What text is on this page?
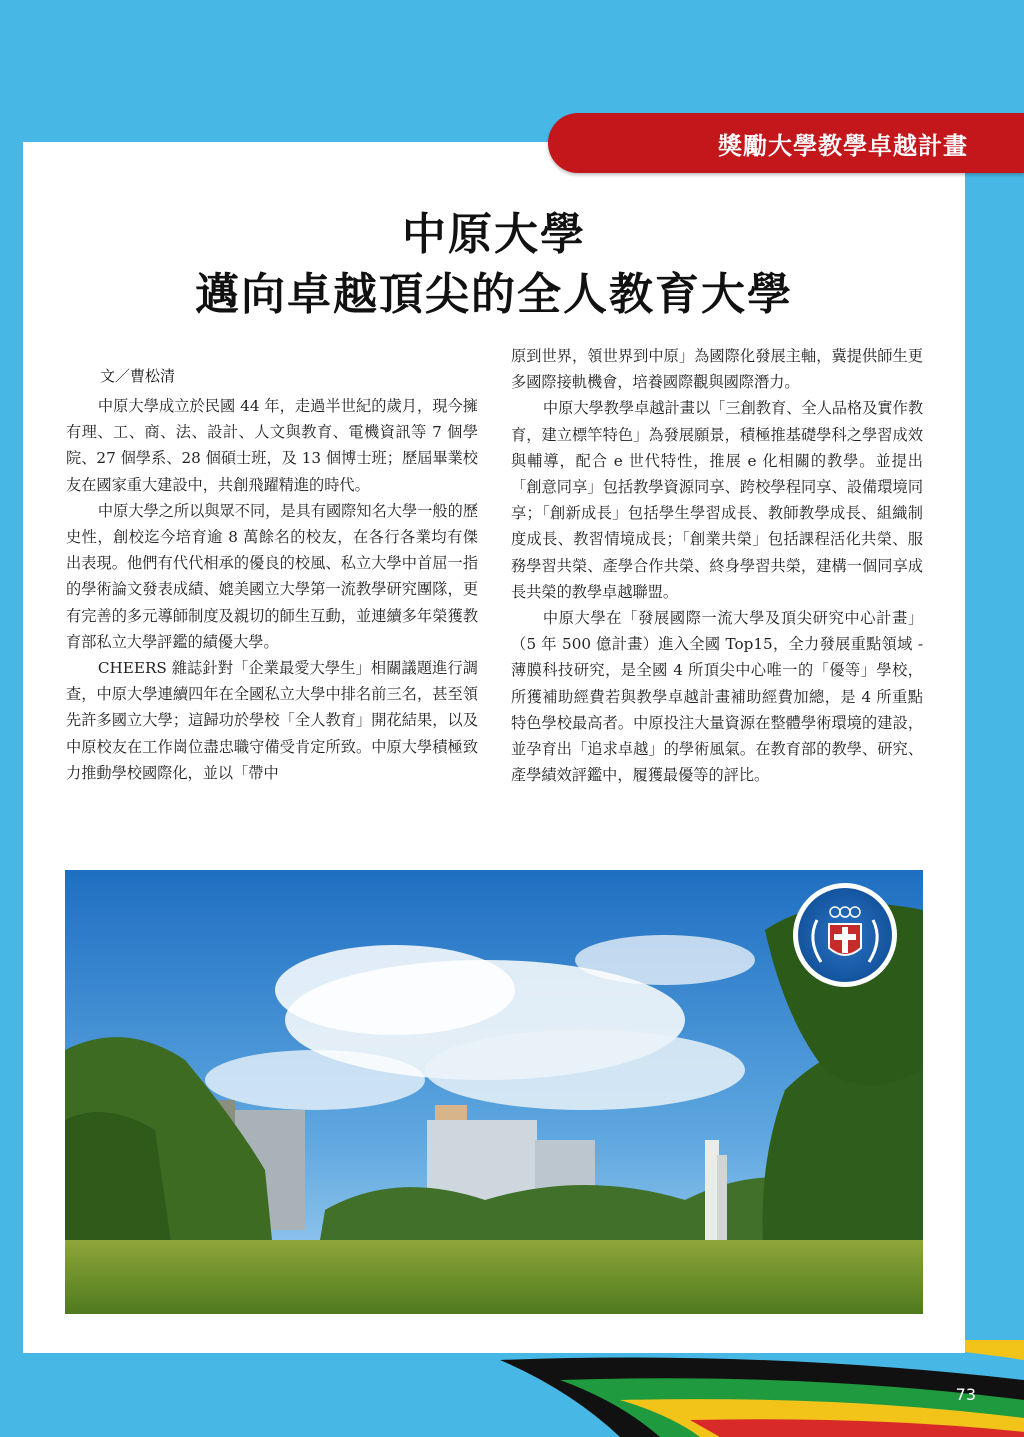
獎勵大學教學卓越計畫
中原大學
邁向卓越頂尖的全人教育大學
文／曹松清

中原大學成立於民國 44 年，走過半世紀的歲月，現今擁有理、工、商、法、設計、人文與教育、電機資訊等 7 個學院、27 個學系、28 個碩士班，及 13 個博士班；歷屆畢業校友在國家重大建設中，共創飛躍精進的時代。

中原大學之所以與眾不同，是具有國際知名大學一般的歷史性，創校迄今培育逾 8 萬餘名的校友，在各行各業均有傑出表現。他們有代代相承的優良的校風、私立大學中首屈一指的學術論文發表成績、媲美國立大學第一流教學研究團隊，更有完善的多元導師制度及親切的師生互動，並連續多年榮獲教育部私立大學評鑑的績優大學。

CHEERS 雜誌針對「企業最愛大學生」相關議題進行調查，中原大學連續四年在全國私立大學中排名前三名，甚至領先許多國立大學；這歸功於學校「全人教育」開花結果，以及中原校友在工作崗位盡忠職守備受肯定所致。中原大學積極致力推動學校國際化，並以「帶中

原到世界，領世界到中原」為國際化發展主軸，冀提供師生更多國際接軌機會，培養國際觀與國際潛力。

中原大學教學卓越計畫以「三創教育、全人品格及實作教育，建立標竿特色」為發展願景，積極推基礎學科之學習成效與輔導，配合 e 世代特性，推展 e 化相關的教學。並提出「創意同享」包括教學資源同享、跨校學程同享、設備環境同享；「創新成長」包括學生學習成長、教師教學成長、組織制度成長、教習情境成長；「創業共榮」包括課程活化共榮、服務學習共榮、產學合作共榮、終身學習共榮，建構一個同享成長共榮的教學卓越聯盟。

中原大學在「發展國際一流大學及頂尖研究中心計畫」（5 年 500 億計畫）進入全國 Top15，全力發展重點領域 - 薄膜科技研究，是全國 4 所頂尖中心唯一的「優等」學校，所獲補助經費若與教學卓越計畫補助經費加總，是 4 所重點特色學校最高者。中原投注大量資源在整體學術環境的建設，並孕育出「追求卓越」的學術風氣。在教育部的教學、研究、產學績效評鑑中，履獲最優等的評比。

73
